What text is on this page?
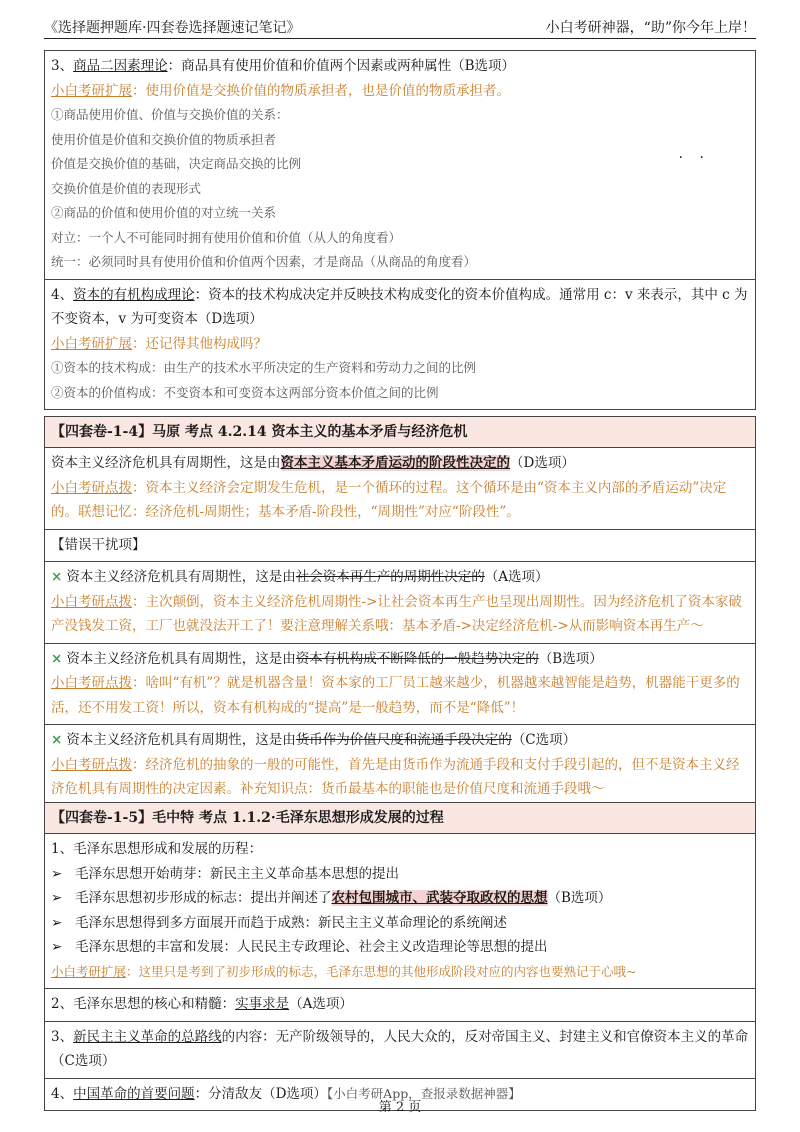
《选择题押题库·四套卷选择题速记笔记》	小白考研神器，“助”你今年上岸！
3、商品二因素理论：商品具有使用价值和价值两个因素或两种属性（B选项）
小白考研扩展：使用价值是交换价值的物质承担者，也是价值的物质承担者。
①商品使用价值、价值与交换价值的关系：
使用价值是价值和交换价值的物质承担者
价值是交换价值的基础，决定商品交换的比例
交换价值是价值的表现形式
②商品的价值和使用价值的对立统一关系
对立：一个人不可能同时拥有使用价值和价值（从人的角度看）
统一：必须同时具有使用价值和价值两个因素，才是商品（从商品的角度看）
4、资本的有机构成理论：资本的技术构成决定并反映技术构成变化的资本价值构成。通常用 c：v 来表示，其中 c 为不变资本，v 为可变资本（D选项）
小白考研扩展：还记得其他构成吗？
①资本的技术构成：由生产的技术水平所决定的生产资料和劳动力之间的比例
②资本的价值构成：不变资本和可变资本这两部分资本价值之间的比例
· ·
【四套卷-1-4】马原 考点 4.2.14 资本主义的基本矛盾与经济危机
资本主义经济危机具有周期性，这是由资本主义基本矛盾运动的阶段性决定的（D选项）
小白考研点拨：资本主义经济会定期发生危机，是一个循环的过程。这个循环是由“资本主义内部的矛盾运动”决定的。联想记忆：经济危机-周期性；基本矛盾-阶段性，“周期性”对应“阶段性”。
【错误干扰项】
× 资本主义经济危机具有周期性，这是由社会资本再生产的周期性决定的（A选项）
小白考研点拨：主次颠倒，资本主义经济危机周期性->让社会资本再生产也呈现出周期性。因为经济危机了资本家破产没钱发工资，工厂也就没法开工了！要注意理解关系哦：基本矛盾->决定经济危机->从而影响资本再生产～
× 资本主义经济危机具有周期性，这是由资本有机构成不断降低的一般趋势决定的（B选项）
小白考研点拨：啥叫“有机”？就是机器含量！资本家的工厂员工越来越少，机器越来越智能是趋势，机器能干更多的活，还不用发工资！所以，资本有机构成的“提高”是一般趋势，而不是“降低”！
× 资本主义经济危机具有周期性，这是由货币作为价值尺度和流通手段决定的（C选项）
小白考研点拨：经济危机的抽象的一般的可能性，首先是由货币作为流通手段和支付手段引起的，但不是资本主义经济危机具有周期性的决定因素。补充知识点：货币最基本的职能也是价值尺度和流通手段哦～
【四套卷-1-5】毛中特 考点 1.1.2·毛泽东思想形成发展的过程
1、毛泽东思想形成和发展的历程：
➢ 毛泽东思想开始萌芽：新民主主义革命基本思想的提出
➢ 毛泽东思想初步形成的标志：提出并阐述了农村包围城市、武装夺取政权的思想（B选项）
➢ 毛泽东思想得到多方面展开而趋于成熟：新民主主义革命理论的系统阐述
➢ 毛泽东思想的丰富和发展：人民民主专政理论、社会主义改造理论等思想的提出
小白考研扩展：这里只是考到了初步形成的标志，毛泽东思想的其他形成阶段对应的内容也要熟记于心哦~
2、毛泽东思想的核心和精髓：实事求是（A选项）
3、新民主主义革命的总路线的内容：无产阶级领导的，人民大众的，反对帝国主义、封建主义和官僚资本主义的革命（C选项）
4、中国革命的首要问题：分清敌友（D选项）【小白考研App，查报录数据神器】
第 2 页
